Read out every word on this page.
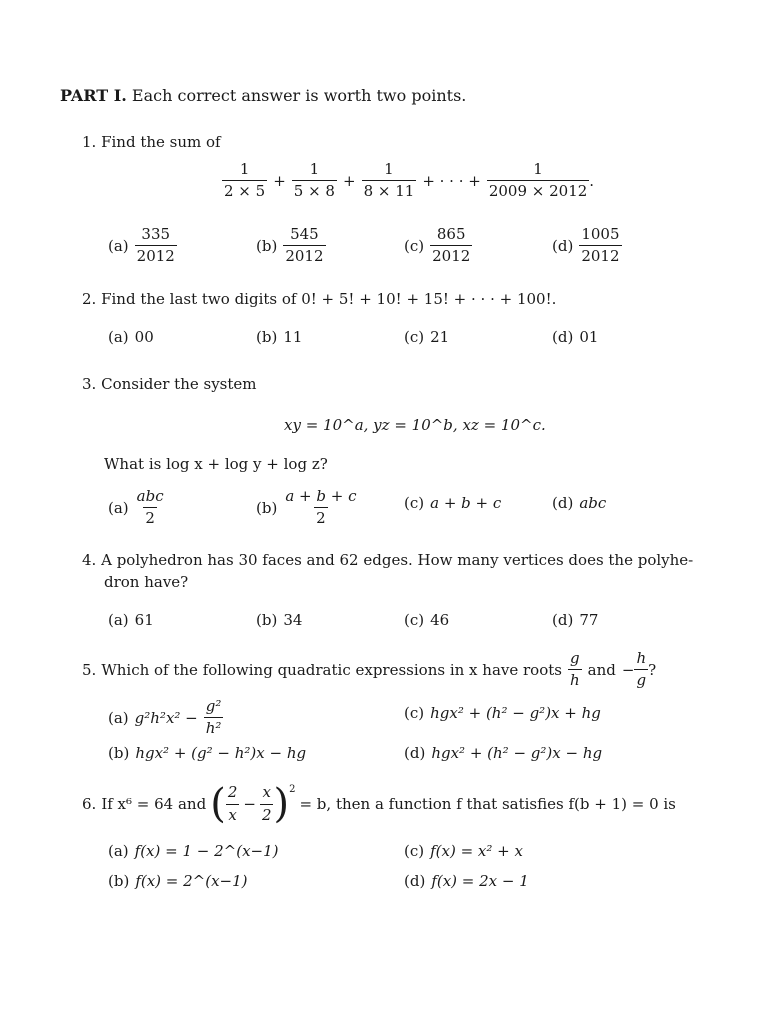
PART I. Each correct answer is worth two points.
1. Find the sum of
$\frac{1}{2 \times 5} + \frac{1}{5 \times 8} + \frac{1}{8 \times 11}$ + · · · + $\frac{1}{2009 \times 2012}$ .
$(a) \frac{335}{2012}$	$(b) \frac{545}{2012}$	$(c) \frac{865}{2012}$	$(d) \frac{1005}{2012}$
2. Find the last two digits of 0! + 5! + 10! + 15! + · · · + 100!.
(a) 00	(b) 11	(c) 21	(d) 01
3. Consider the system
xy = 10^a, yz = 10^b, xz = 10^c.
What is log x + log y + log z?
$(a) \frac{\text{abc}}{2}$	$(b) \frac{a + b + c}{2}$	(c) a + b + c	(d) abc
4. A polyhedron has 30 faces and 62 edges. How many vertices does the polyhe-
dron have?
(a) 61	(b) 34	(c) 46	(d) 77
5. Which of the following quadratic expressions in x have roots $\frac{g}{h}$ and − $\frac{h}{g}$ ?
(a) $g^2h^2x^2 - \frac{\text{g²}}{\text{h²}}$
(b) hgx² + (g² − h²)x − hg
(c) hgx² + (h² − g²)x + hg
(d) hgx² + (h² − g²)x − hg
6. If x⁶ = 64 and ( $\frac{2}{x} - \frac{x}{2} )^2$
= b, then a function f that satisfies f(b + 1) = 0 is
(a) f(x) = 1 − 2^(x−1)
(b) f(x) = 2^(x−1)
(c) f(x) = x² + x
(d) f(x) = 2x − 1
